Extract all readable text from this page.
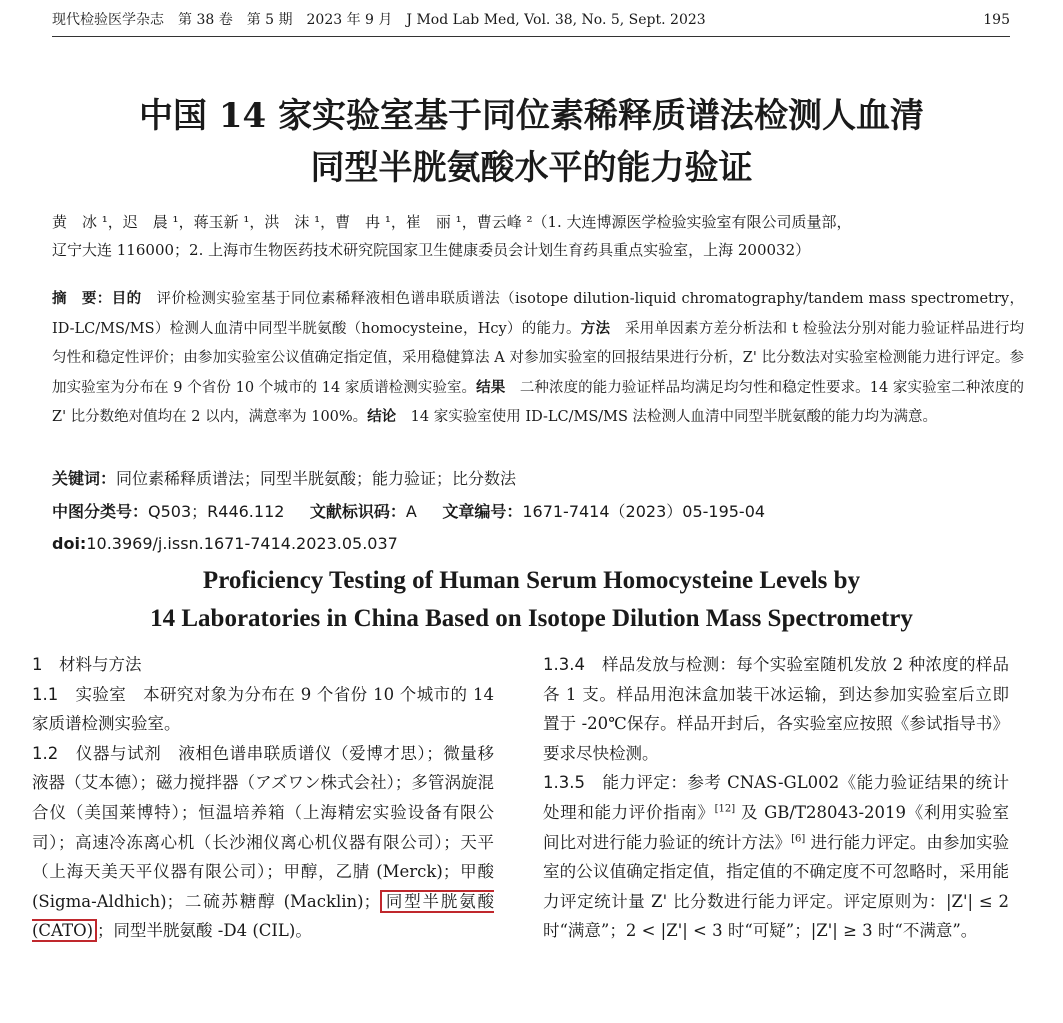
现代检验医学杂志　第 38 卷　第 5 期　2023 年 9 月　J Mod Lab Med, Vol. 38, No. 5, Sept. 2023	195
中国 14 家实验室基于同位素稀释质谱法检测人血清
同型半胱氨酸水平的能力验证
黄　冰 ¹，迟　晨 ¹，蒋玉新 ¹，洪　沫 ¹，曹　冉 ¹，崔　丽 ¹，曹云峰 ²（1. 大连博源医学检验实验室有限公司质量部，
辽宁大连 116000；2. 上海市生物医药技术研究院国家卫生健康委员会计划生育药具重点实验室，上海 200032）
摘　要：目的　评价检测实验室基于同位素稀释液相色谱串联质谱法（isotope dilution-liquid chromatography/tandem mass spectrometry，ID-LC/MS/MS）检测人血清中同型半胱氨酸（homocysteine，Hcy）的能力。方法　采用单因素方差分析法和 t 检验法分别对能力验证样品进行均匀性和稳定性评价；由参加实验室公议值确定指定值，采用稳健算法 A 对参加实验室的回报结果进行分析，Z' 比分数法对实验室检测能力进行评定。参加实验室为分布在 9 个省份 10 个城市的 14 家质谱检测实验室。结果　二种浓度的能力验证样品均满足均匀性和稳定性要求。14 家实验室二种浓度的 Z' 比分数绝对值均在 2 以内，满意率为 100%。结论　14 家实验室使用 ID-LC/MS/MS 法检测人血清中同型半胱氨酸的能力均为满意。
关键词：同位素稀释质谱法；同型半胱氨酸；能力验证；比分数法
中图分类号：Q503；R446.112 文献标识码：A 文章编号：1671-7414（2023）05-195-04
doi:10.3969/j.issn.1671-7414.2023.05.037
Proficiency Testing of Human Serum Homocysteine Levels by
14 Laboratories in China Based on Isotope Dilution Mass Spectrometry

1　材料与方法

1.1　实验室　本研究对象为分布在 9 个省份 10 个城市的 14 家质谱检测实验室。

1.2　仪器与试剂　液相色谱串联质谱仪（爱博才思）；微量移液器（艾本德）；磁力搅拌器（アズワン株式会社）；多管涡旋混合仪（美国莱博特）；恒温培养箱（上海精宏实验设备有限公司）；高速冷冻离心机（长沙湘仪离心机仪器有限公司）；天平（上海天美天平仪器有限公司）；甲醇，乙腈 (Merck)；甲酸 (Sigma-Aldhich)；二硫苏糖醇 (Macklin)； 同型半胱氨酸 (CATO) ；同型半胱氨酸 -D4 (CIL)。

1.3.4　样品发放与检测：每个实验室随机发放 2 种浓度的样品各 1 支。样品用泡沫盒加装干冰运输，到达参加实验室后立即置于 -20℃保存。样品开封后，各实验室应按照《参试指导书》要求尽快检测。

1.3.5　能力评定：参考 CNAS-GL002《能力验证结果的统计处理和能力评价指南》[12] 及 GB/T28043-2019《利用实验室间比对进行能力验证的统计方法》[6] 进行能力评定。由参加实验室的公议值确定指定值，指定值的不确定度不可忽略时，采用能力评定统计量 Z' 比分数进行能力评定。评定原则为：|Z'| ≤ 2 时“满意”；2 < |Z'| < 3 时“可疑”；|Z'| ≥ 3 时“不满意”。
